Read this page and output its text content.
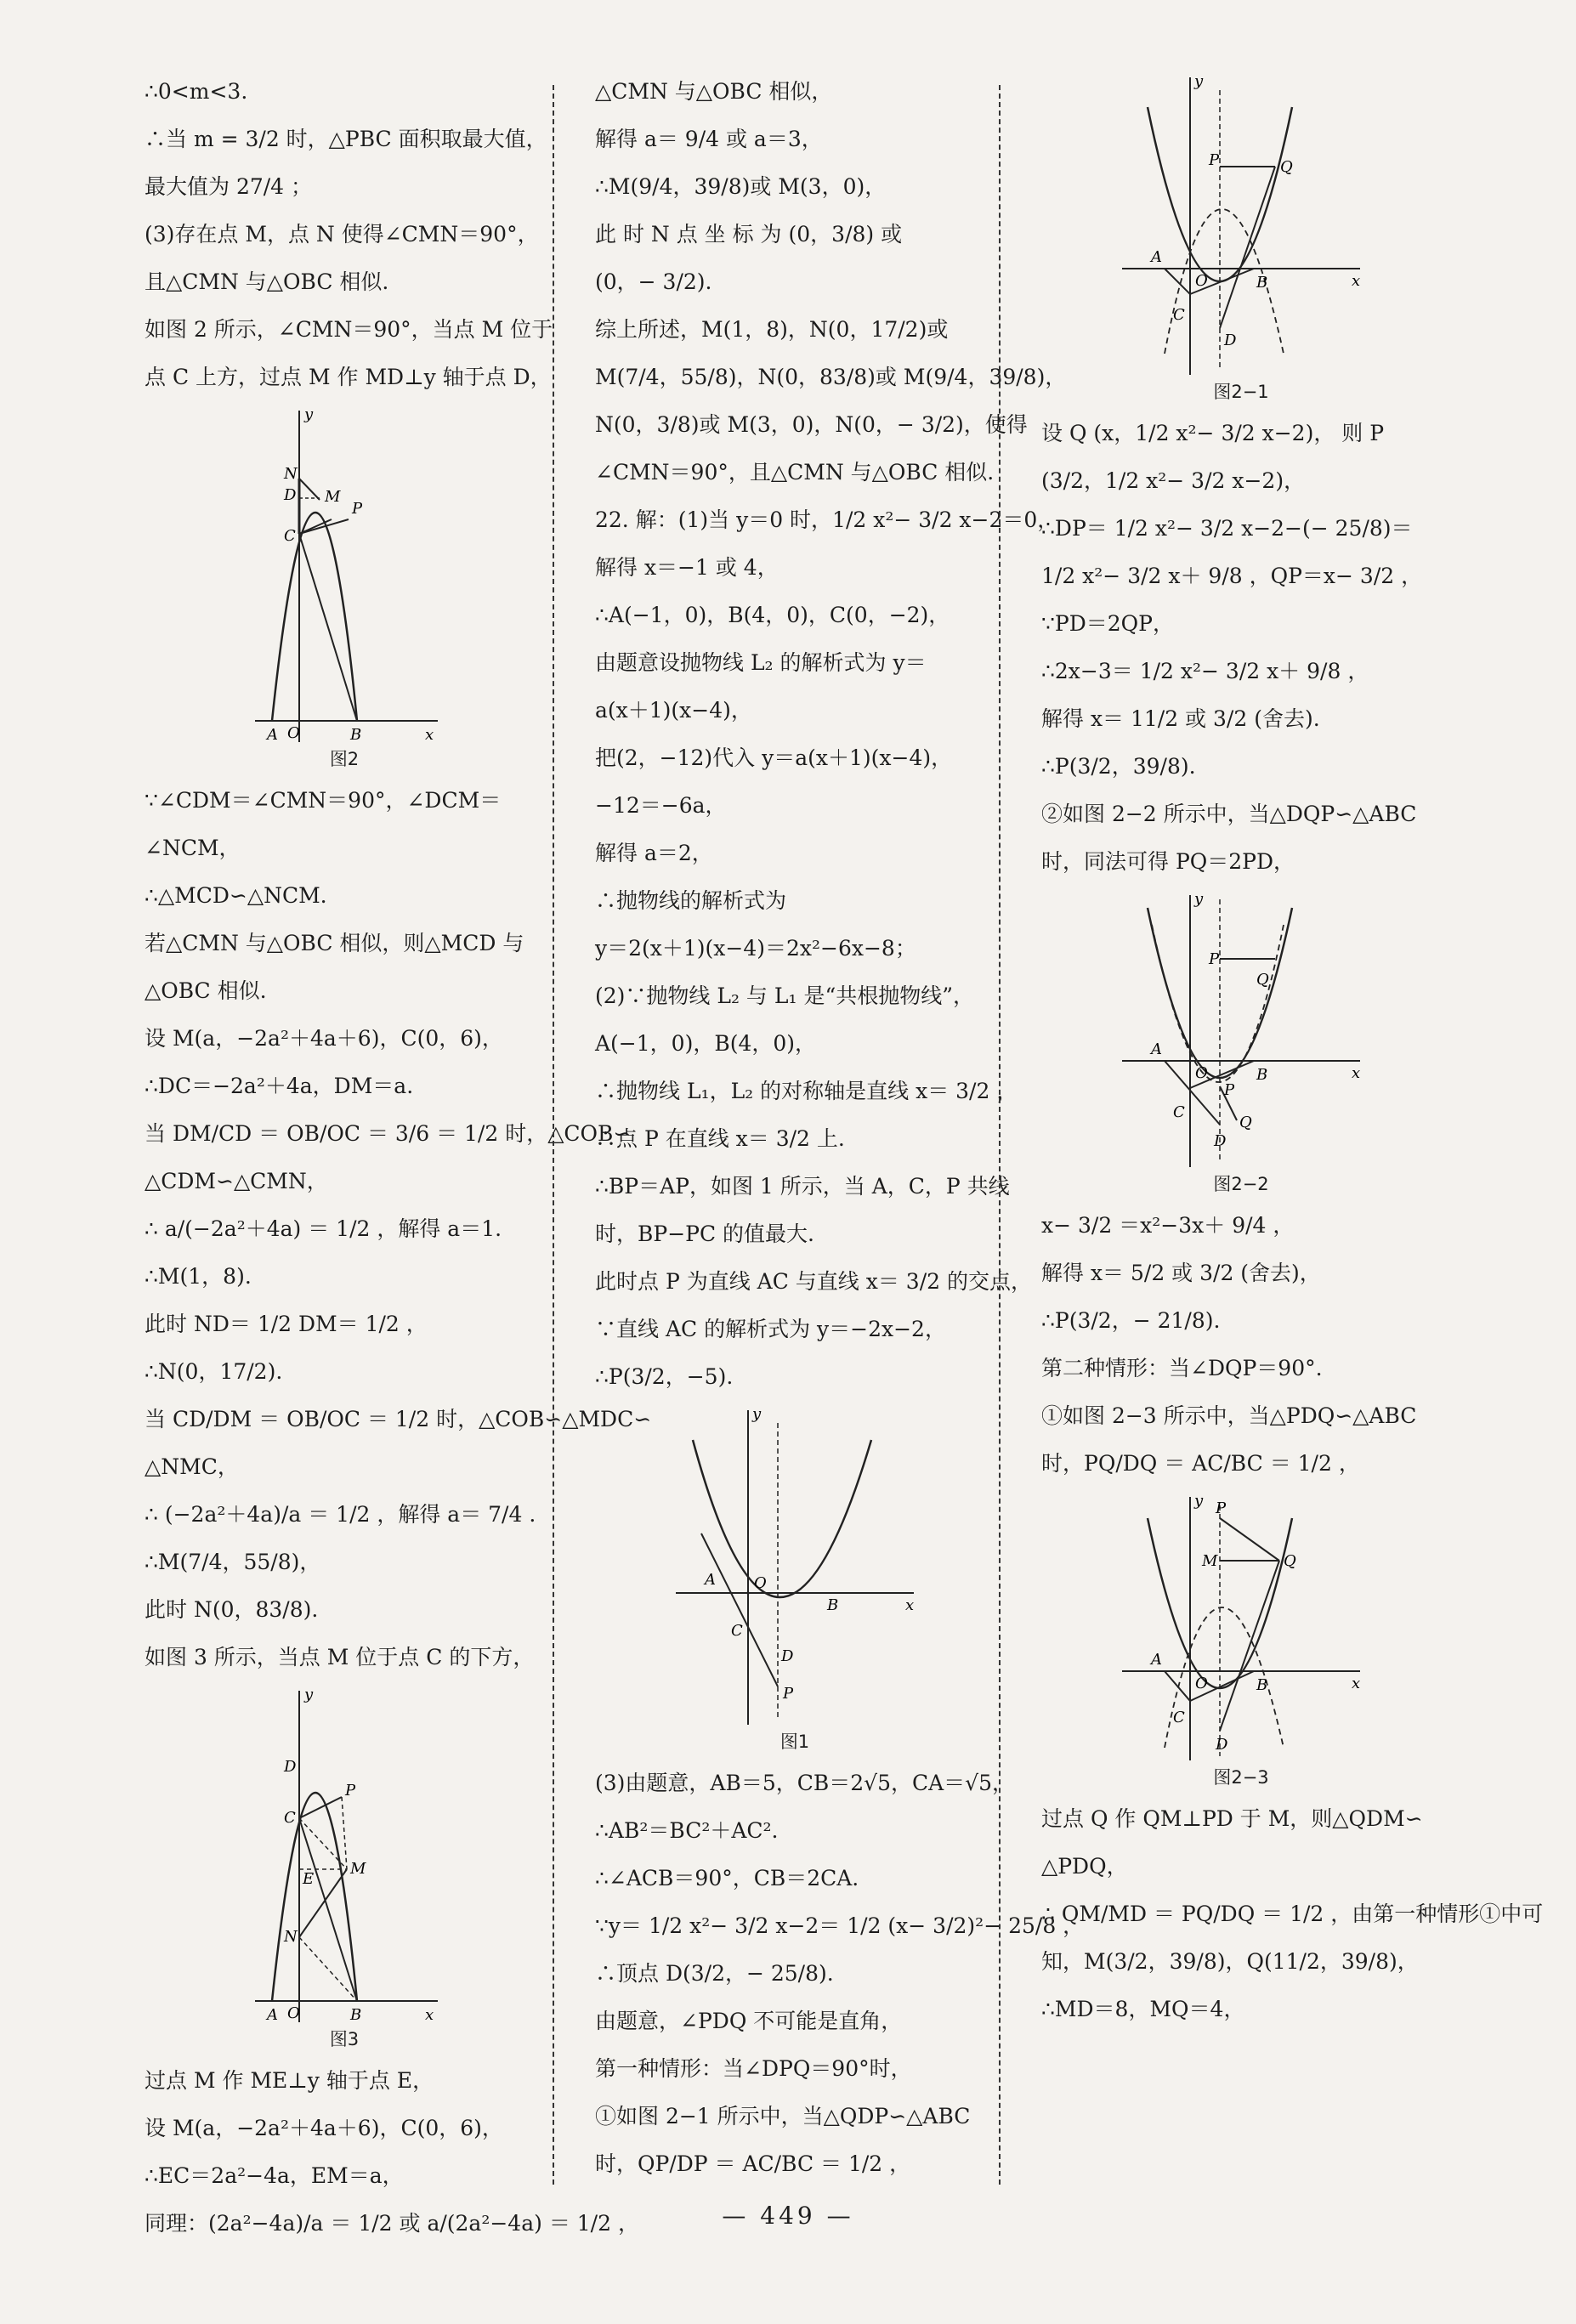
∴0<m<3.
∴当 m = 3/2 时，△PBC 面积取最大值，
最大值为 27/4 ；
(3)存在点 M，点 N 使得∠CMN＝90°，
且△CMN 与△OBC 相似.
如图 2 所示，∠CMN＝90°，当点 M 位于
点 C 上方，过点 M 作 MD⊥y 轴于点 D，
y
x
N
D M
P
C
A O	B
图2
∵∠CDM＝∠CMN＝90°，∠DCM＝
∠NCM，
∴△MCD∽△NCM.
若△CMN 与△OBC 相似，则△MCD 与
△OBC 相似.
设 M(a，−2a²＋4a＋6)，C(0，6)，
∴DC＝−2a²＋4a，DM＝a.
当 DM/CD ＝ OB/OC ＝ 3/6 ＝ 1/2 时，△COB∽
△CDM∽△CMN，
∴ a/(−2a²＋4a) ＝ 1/2 ，解得 a＝1.
∴M(1，8).
此时 ND＝ 1/2 DM＝ 1/2 ，
∴N(0，17/2).
当 CD/DM ＝ OB/OC ＝ 1/2 时，△COB∽△MDC∽
△NMC，
∴ (−2a²＋4a)/a ＝ 1/2 ，解得 a＝ 7/4 .
∴M(7/4，55/8)，
此时 N(0，83/8).
如图 3 所示，当点 M 位于点 C 的下方，
y
x
D
P
C
E
M
N
A O	B
图3
过点 M 作 ME⊥y 轴于点 E，
设 M(a，−2a²＋4a＋6)，C(0，6)，
∴EC＝2a²−4a，EM＝a，
同理：(2a²−4a)/a ＝ 1/2 或 a/(2a²−4a) ＝ 1/2 ，
△CMN 与△OBC 相似，
解得 a＝ 9/4 或 a＝3，
∴M(9/4，39/8)或 M(3，0)，
此 时 N 点 坐 标 为 (0，3/8) 或
(0，− 3/2).
综上所述，M(1，8)，N(0，17/2)或
M(7/4，55/8)，N(0，83/8)或 M(9/4，39/8)，
N(0，3/8)或 M(3，0)，N(0，− 3/2)，使得
∠CMN＝90°，且△CMN 与△OBC 相似.
22. 解：(1)当 y＝0 时，1/2 x²− 3/2 x−2＝0，
解得 x＝−1 或 4，
∴A(−1，0)，B(4，0)，C(0，−2)，
由题意设抛物线 L₂ 的解析式为 y＝
a(x＋1)(x−4)，
把(2，−12)代入 y＝a(x＋1)(x−4)，
−12＝−6a，
解得 a＝2，
∴抛物线的解析式为
y＝2(x＋1)(x−4)＝2x²−6x−8；
(2)∵抛物线 L₂ 与 L₁ 是“共根抛物线”，
A(−1，0)，B(4，0)，
∴抛物线 L₁，L₂ 的对称轴是直线 x＝ 3/2 ，
∴点 P 在直线 x＝ 3/2 上.
∴BP＝AP，如图 1 所示，当 A，C，P 共线
时，BP−PC 的值最大.
此时点 P 为直线 AC 与直线 x＝ 3/2 的交点，
∵直线 AC 的解析式为 y＝−2x−2，
∴P(3/2，−5).
y
x
A	O
B
C
D
P
图1
(3)由题意，AB＝5，CB＝2√5，CA＝√5，
∴AB²＝BC²＋AC².
∴∠ACB＝90°，CB＝2CA.
∵y＝ 1/2 x²− 3/2 x−2＝ 1/2 (x− 3/2)²− 25/8 ，
∴顶点 D(3/2，− 25/8).
由题意，∠PDQ 不可能是直角，
第一种情形：当∠DPQ＝90°时，
①如图 2−1 所示中，当△QDP∽△ABC
时，QP/DP ＝ AC/BC ＝ 1/2 ，
y
x
P	Q
A
O	B
C
D
图2−1
设 Q (x，1/2 x²− 3/2 x−2)， 则 P
(3/2，1/2 x²− 3/2 x−2)，
∴DP＝ 1/2 x²− 3/2 x−2−(− 25/8)＝
1/2 x²− 3/2 x＋ 9/8 ，QP＝x− 3/2 ，
∵PD＝2QP，
∴2x−3＝ 1/2 x²− 3/2 x＋ 9/8 ，
解得 x＝ 11/2 或 3/2 (舍去).
∴P(3/2，39/8).
②如图 2−2 所示中，当△DQP∽△ABC
时，同法可得 PQ＝2PD，
y
x
P
Q
A
O	B
P
C
D
Q
图2−2
x− 3/2 ＝x²−3x＋ 9/4 ，
解得 x＝ 5/2 或 3/2 (舍去)，
∴P(3/2，− 21/8).
第二种情形：当∠DQP＝90°.
①如图 2−3 所示中，当△PDQ∽△ABC
时，PQ/DQ ＝ AC/BC ＝ 1/2 ，
y
x
P
M	Q
A
O	B
C
D
图2−3
过点 Q 作 QM⊥PD 于 M，则△QDM∽
△PDQ，
∴ QM/MD ＝ PQ/DQ ＝ 1/2 ，由第一种情形①中可
知，M(3/2，39/8)，Q(11/2，39/8)，
∴MD＝8，MQ＝4，
— 449 —
